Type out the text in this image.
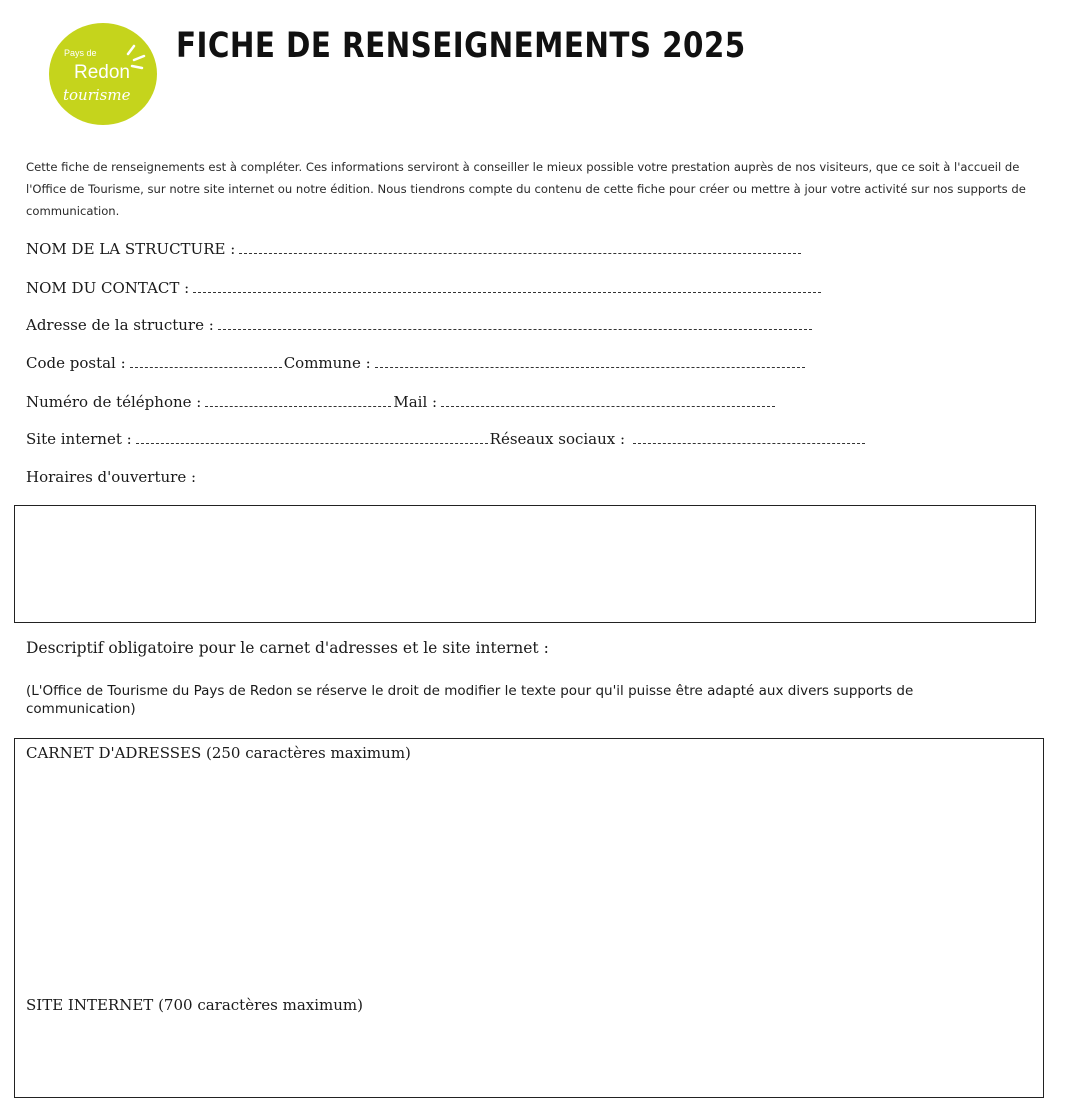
Pays de
Redon
tourisme
FICHE DE RENSEIGNEMENTS 2025
Cette fiche de renseignements est à compléter. Ces informations serviront à conseiller le mieux possible votre prestation auprès de nos visiteurs, que ce soit à l'accueil de l'Office de Tourisme, sur notre site internet ou notre édition. Nous tiendrons compte du contenu de cette fiche pour créer ou mettre à jour votre activité sur nos supports de communication.
NOM DE LA STRUCTURE :
NOM DU CONTACT :
Adresse de la structure :
Code postal :	Commune :
Numéro de téléphone :	Mail :
Site internet :	Réseaux sociaux :
Horaires d'ouverture :
Descriptif obligatoire pour le carnet d'adresses et le site internet :
(L'Office de Tourisme du Pays de Redon se réserve le droit de modifier le texte pour qu'il puisse être adapté aux divers supports de communication)
CARNET D'ADRESSES (250 caractères maximum)
SITE INTERNET (700 caractères maximum)
